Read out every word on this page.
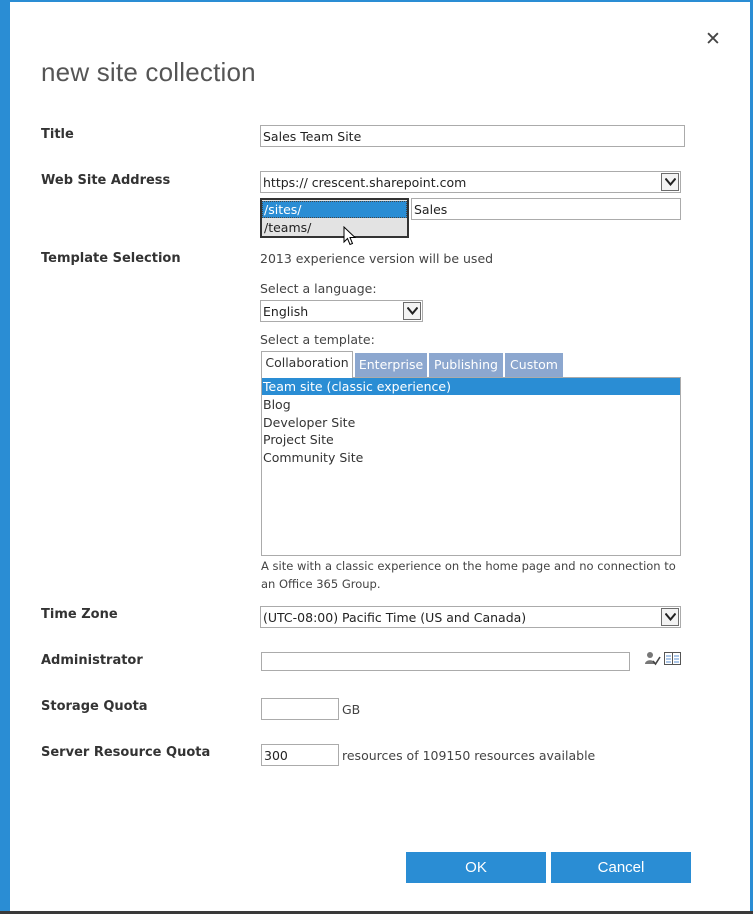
✕
new site collection
Title	Sales Team Site
Web Site Address	https:// crescent.sharepoint.com
Sales
/sites/
/teams/
Template Selection	2013 experience version will be used
Select a language:
English
Select a template:
Collaboration Enterprise Publishing Custom
Team site (classic experience)
Blog
Developer Site
Project Site
Community Site
A site with a classic experience on the home page and no connection to an Office 365 Group.
Time Zone	(UTC-08:00) Pacific Time (US and Canada)
Administrator
Storage Quota	GB
Server Resource Quota	300	resources of 109150 resources available
OK	Cancel
